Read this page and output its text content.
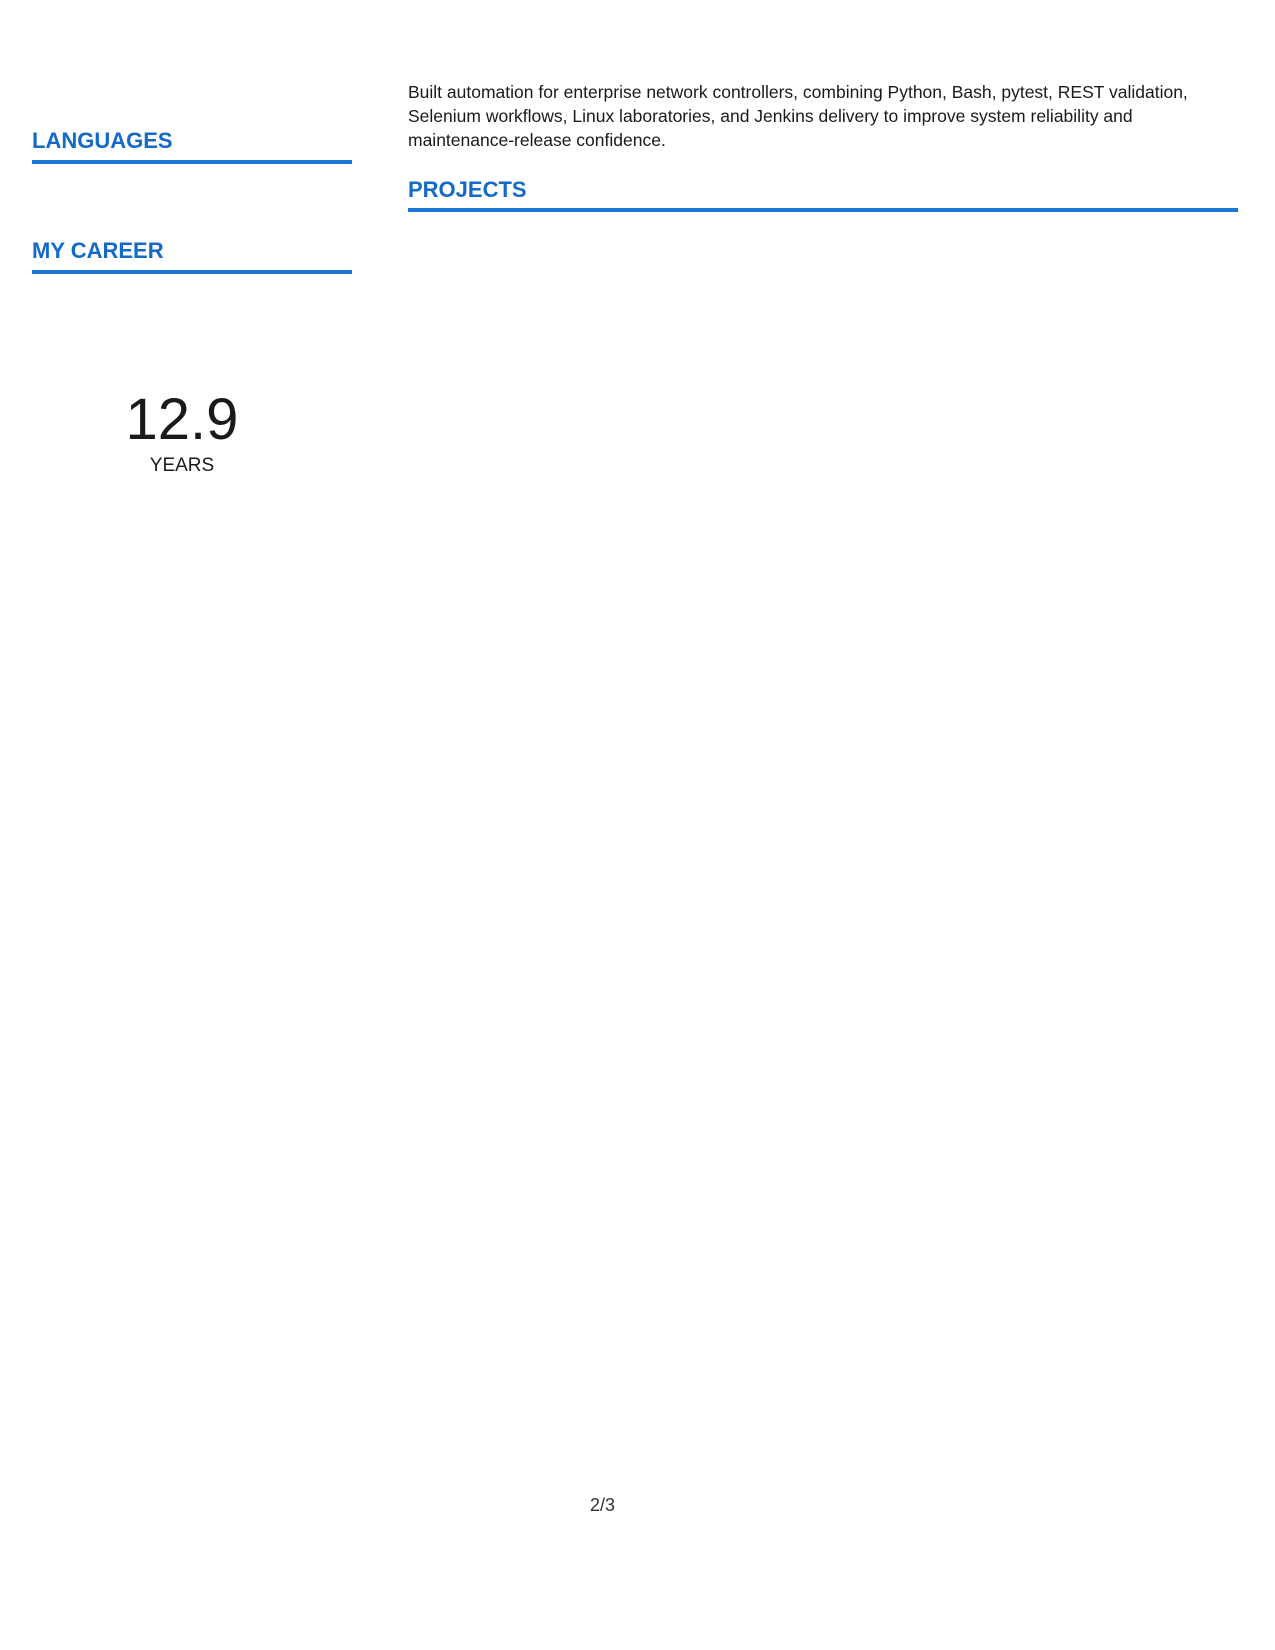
LANGUAGES
MY CAREER
12.9
YEARS

Built automation for enterprise network controllers, combining Python, Bash, pytest, REST validation, Selenium workflows, Linux laboratories, and Jenkins delivery to improve system reliability and maintenance-release confidence.

PROJECTS
2/3
